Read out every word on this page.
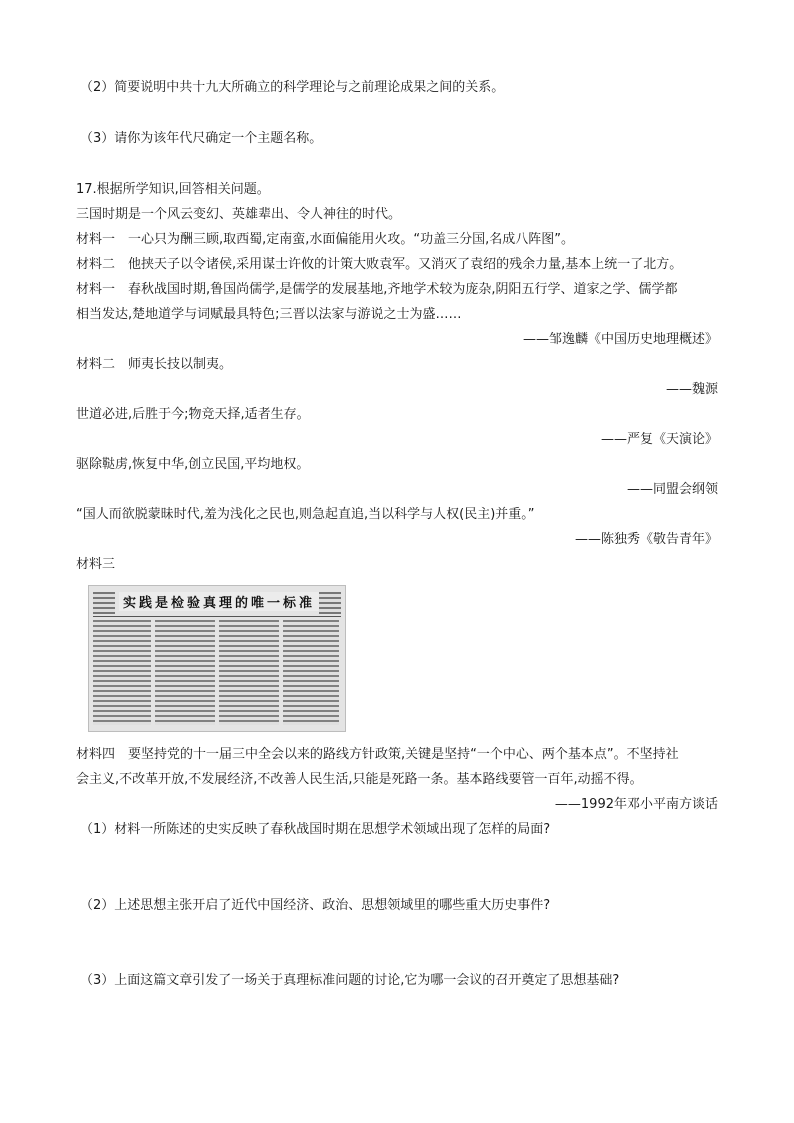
（2）简要说明中共十九大所确立的科学理论与之前理论成果之间的关系。
（3）请你为该年代尺确定一个主题名称。
17.根据所学知识,回答相关问题。
三国时期是一个风云变幻、英雄辈出、令人神往的时代。
材料一　一心只为酬三顾,取西蜀,定南蛮,水面偏能用火攻。“功盖三分国,名成八阵图”。
材料二　他挟天子以令诸侯,采用谋士许攸的计策大败袁军。又消灭了袁绍的残余力量,基本上统一了北方。
材料一　春秋战国时期,鲁国尚儒学,是儒学的发展基地,齐地学术较为庞杂,阴阳五行学、道家之学、儒学都
相当发达,楚地道学与词赋最具特色;三晋以法家与游说之士为盛……
——邹逸麟《中国历史地理概述》
材料二　师夷长技以制夷。
——魏源
世道必进,后胜于今;物竞天择,适者生存。
——严复《天演论》
驱除鞑虏,恢复中华,创立民国,平均地权。
——同盟会纲领
“国人而欲脱蒙昧时代,羞为浅化之民也,则急起直追,当以科学与人权(民主)并重。”
——陈独秀《敬告青年》
材料三
实践是检验真理的唯一标准
材料四　要坚持党的十一届三中全会以来的路线方针政策,关键是坚持“一个中心、两个基本点”。不坚持社
会主义,不改革开放,不发展经济,不改善人民生活,只能是死路一条。基本路线要管一百年,动摇不得。
——1992年邓小平南方谈话
（1）材料一所陈述的史实反映了春秋战国时期在思想学术领域出现了怎样的局面?
（2）上述思想主张开启了近代中国经济、政治、思想领域里的哪些重大历史事件?
（3）上面这篇文章引发了一场关于真理标准问题的讨论,它为哪一会议的召开奠定了思想基础?
